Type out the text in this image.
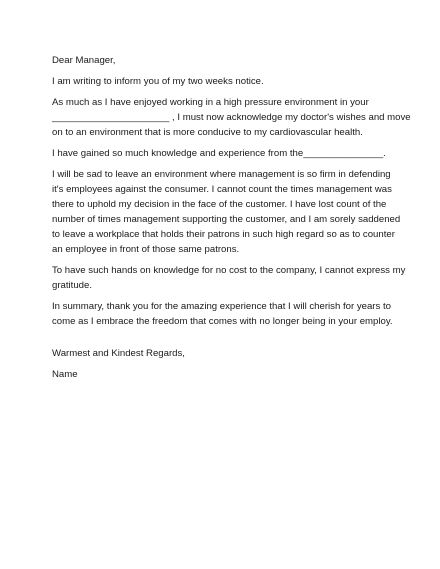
Dear Manager,
I am writing to inform you of my two weeks notice.
As much as I have enjoyed working in a high pressure environment in your
______________________ , I must now acknowledge my doctor's wishes and move
on to an environment that is more conducive to my cardiovascular health.
I have gained so much knowledge and experience from the_______________.
I will be sad to leave an environment where management is so firm in defending
it's employees against the consumer. I cannot count the times management was
there to uphold my decision in the face of the customer. I have lost count of the
number of times management supporting the customer, and I am sorely saddened
to leave a workplace that holds their patrons in such high regard so as to counter
an employee in front of those same patrons.
To have such hands on knowledge for no cost to the company, I cannot express my
gratitude.
In summary, thank you for the amazing experience that I will cherish for years to
come as I embrace the freedom that comes with no longer being in your employ.
Warmest and Kindest Regards,
Name
